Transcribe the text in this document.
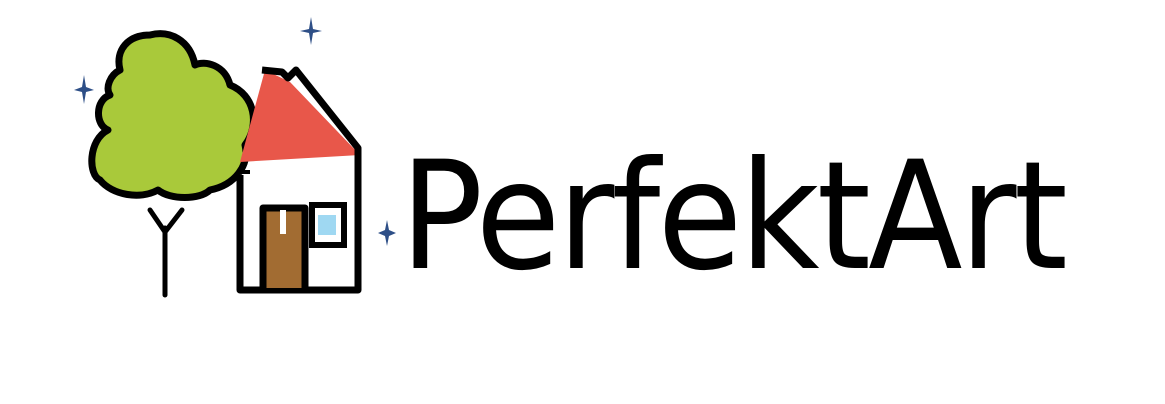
PerfektArt
